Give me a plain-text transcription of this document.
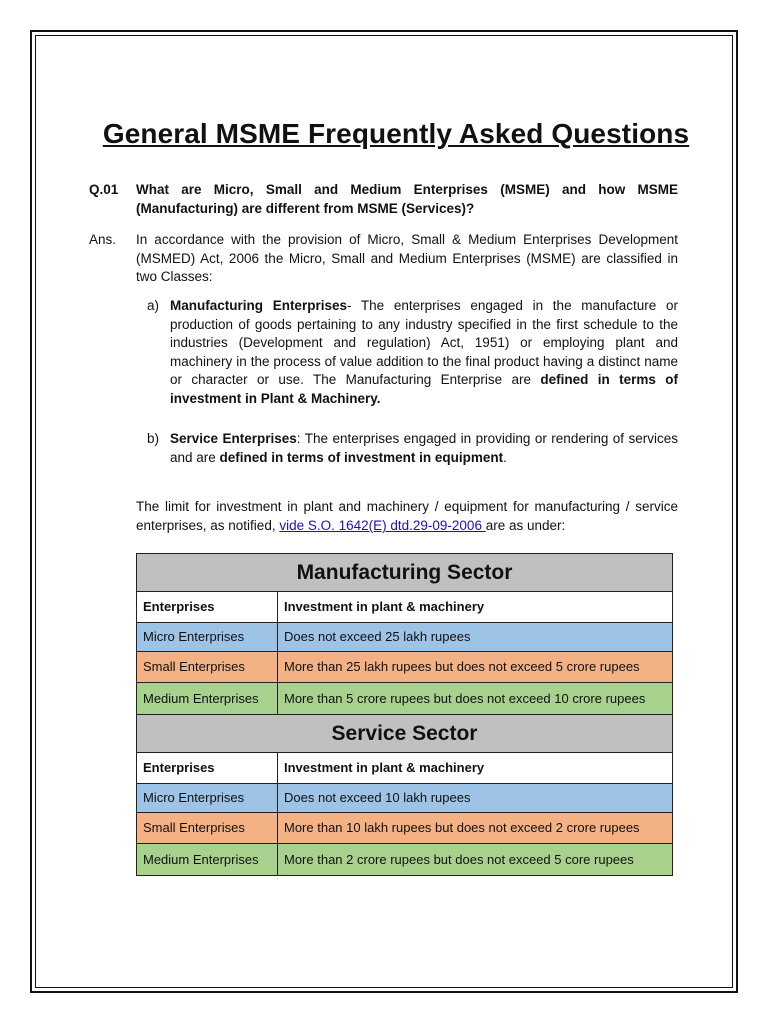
General MSME Frequently Asked Questions
Q.01 What are Micro, Small and Medium Enterprises (MSME) and how MSME (Manufacturing) are different from MSME (Services)?
Ans. In accordance with the provision of Micro, Small & Medium Enterprises Development (MSMED) Act, 2006 the Micro, Small and Medium Enterprises (MSME) are classified in two Classes:
a) Manufacturing Enterprises- The enterprises engaged in the manufacture or production of goods pertaining to any industry specified in the first schedule to the industries (Development and regulation) Act, 1951) or employing plant and machinery in the process of value addition to the final product having a distinct name or character or use. The Manufacturing Enterprise are defined in terms of investment in Plant & Machinery.
b) Service Enterprises: The enterprises engaged in providing or rendering of services and are defined in terms of investment in equipment.
The limit for investment in plant and machinery / equipment for manufacturing / service enterprises, as notified, vide S.O. 1642(E) dtd.29-09-2006 are as under:
Manufacturing Sector	
Enterprises	Investment in plant & machinery
Micro Enterprises	Does not exceed 25 lakh rupees
Small Enterprises	More than 25 lakh rupees but does not exceed 5 crore rupees
Medium Enterprises	More than 5 crore rupees but does not exceed 10 crore rupees
Service Sector	
Enterprises	Investment in plant & machinery
Micro Enterprises	Does not exceed 10 lakh rupees
Small Enterprises	More than 10 lakh rupees but does not exceed 2 crore rupees
Medium Enterprises	More than 2 crore rupees but does not exceed 5 core rupees
